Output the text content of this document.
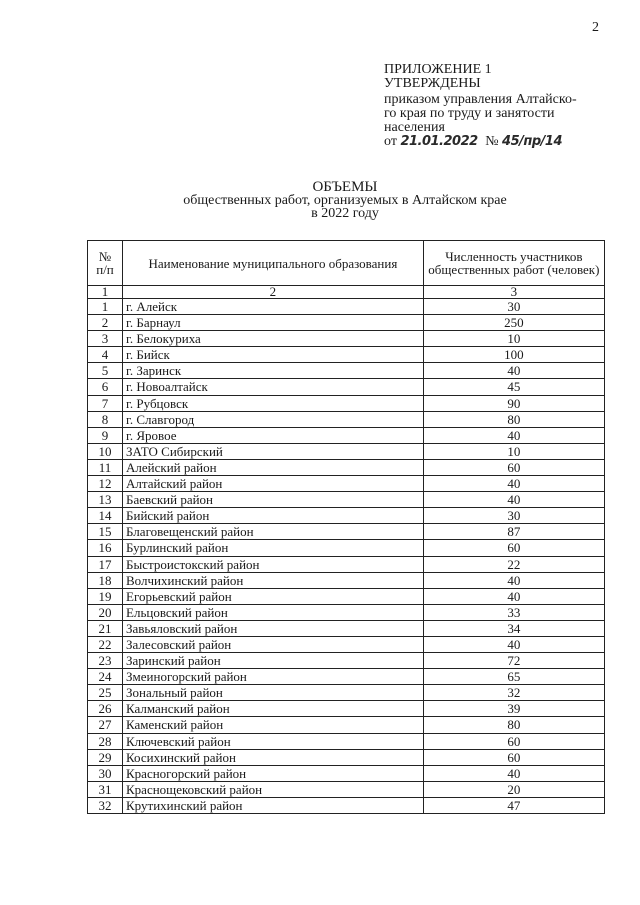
2
ПРИЛОЖЕНИЕ 1
УТВЕРЖДЕНЫ
приказом управления Алтайско-
го края по труду и занятости
населения
от 21.01.2022 № 45/пр/14
ОБЪЕМЫ
общественных работ, организуемых в Алтайском крае
в 2022 году
№ п/п	Наименование муниципального образования	Численность участников общественных работ (человек)
1	2	3
1	г. Алейск	30
2	г. Барнаул	250
3	г. Белокуриха	10
4	г. Бийск	100
5	г. Заринск	40
6	г. Новоалтайск	45
7	г. Рубцовск	90
8	г. Славгород	80
9	г. Яровое	40
10	ЗАТО Сибирский	10
11	Алейский район	60
12	Алтайский район	40
13	Баевский район	40
14	Бийский район	30
15	Благовещенский район	87
16	Бурлинский район	60
17	Быстроистокский район	22
18	Волчихинский район	40
19	Егорьевский район	40
20	Ельцовский район	33
21	Завьяловский район	34
22	Залесовский район	40
23	Заринский район	72
24	Змеиногорский район	65
25	Зональный район	32
26	Калманский район	39
27	Каменский район	80
28	Ключевский район	60
29	Косихинский район	60
30	Красногорский район	40
31	Краснощековский район	20
32	Крутихинский район	47
